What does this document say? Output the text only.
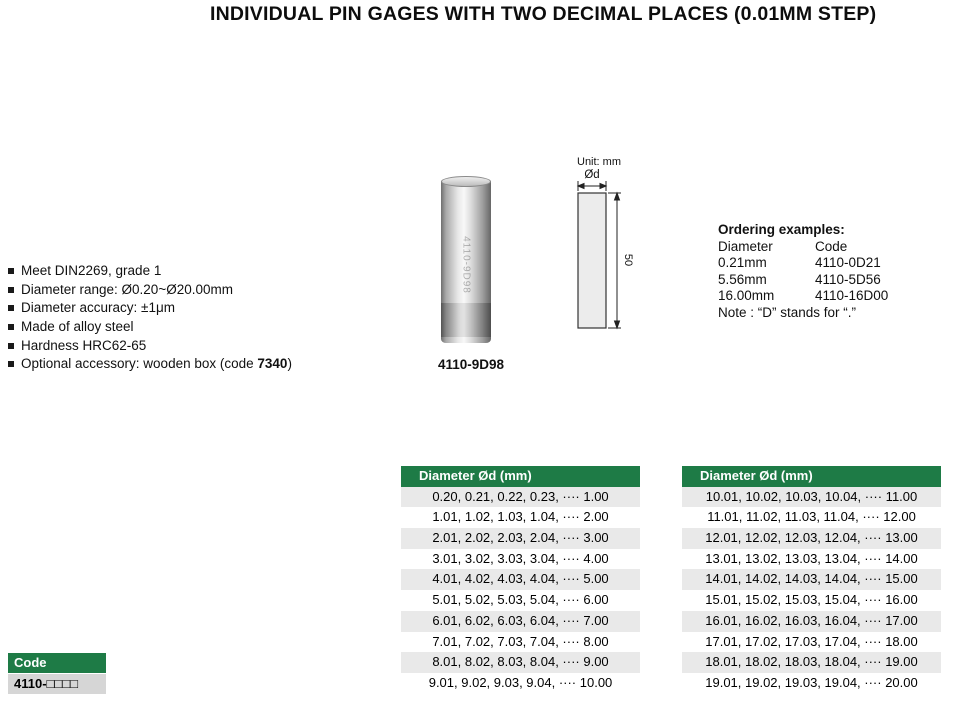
INDIVIDUAL PIN GAGES WITH TWO DECIMAL PLACES (0.01MM STEP)
Meet DIN2269, grade 1
Diameter range: Ø0.20~Ø20.00mm
Diameter accuracy: ±1μm
Made of alloy steel
Hardness HRC62-65
Optional accessory: wooden box (code 7340)
4110-9D98
4110-9D98
Unit: mm
Ød
50
Ordering examples:
Diameter	Code
0.21mm	4110-0D21
5.56mm	4110-5D56
16.00mm	4110-16D00
Note : “D” stands for “.”
Code
4110-□□□□
Diameter Ød (mm)
0.20, 0.21, 0.22, 0.23, ···· 1.00
1.01, 1.02, 1.03, 1.04, ···· 2.00
2.01, 2.02, 2.03, 2.04, ···· 3.00
3.01, 3.02, 3.03, 3.04, ···· 4.00
4.01, 4.02, 4.03, 4.04, ···· 5.00
5.01, 5.02, 5.03, 5.04, ···· 6.00
6.01, 6.02, 6.03, 6.04, ···· 7.00
7.01, 7.02, 7.03, 7.04, ···· 8.00
8.01, 8.02, 8.03, 8.04, ···· 9.00
9.01, 9.02, 9.03, 9.04, ···· 10.00
Diameter Ød (mm)
10.01, 10.02, 10.03, 10.04, ···· 11.00
11.01, 11.02, 11.03, 11.04, ···· 12.00
12.01, 12.02, 12.03, 12.04, ···· 13.00
13.01, 13.02, 13.03, 13.04, ···· 14.00
14.01, 14.02, 14.03, 14.04, ···· 15.00
15.01, 15.02, 15.03, 15.04, ···· 16.00
16.01, 16.02, 16.03, 16.04, ···· 17.00
17.01, 17.02, 17.03, 17.04, ···· 18.00
18.01, 18.02, 18.03, 18.04, ···· 19.00
19.01, 19.02, 19.03, 19.04, ···· 20.00
